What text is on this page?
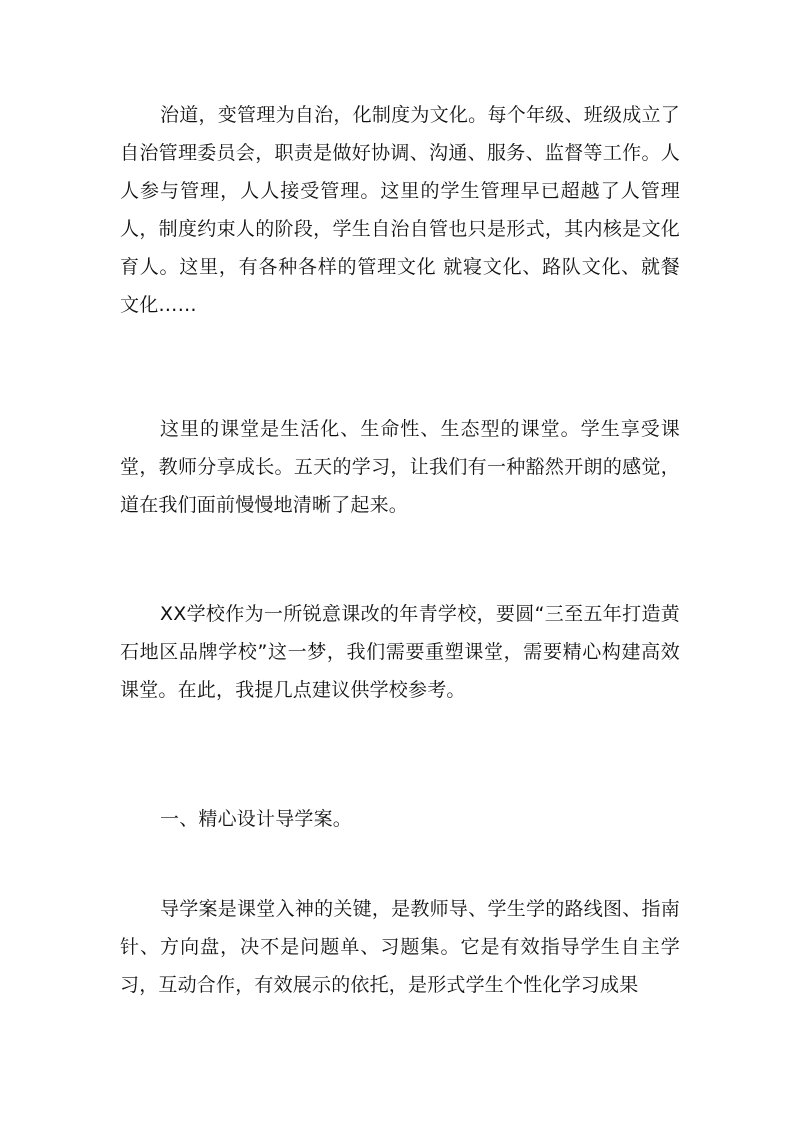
治道，变管理为自治，化制度为文化。每个年级、班级成立了自治管理委员会，职责是做好协调、沟通、服务、监督等工作。人人参与管理，人人接受管理。这里的学生管理早已超越了人管理人，制度约束人的阶段，学生自治自管也只是形式，其内核是文化育人。这里，有各种各样的管理文化 就寝文化、路队文化、就餐文化……

这里的课堂是生活化、生命性、生态型的课堂。学生享受课堂，教师分享成长。五天的学习，让我们有一种豁然开朗的感觉，道在我们面前慢慢地清晰了起来。

XX学校作为一所锐意课改的年青学校，要圆“三至五年打造黄石地区品牌学校”这一梦，我们需要重塑课堂，需要精心构建高效课堂。在此，我提几点建议供学校参考。

一、精心设计导学案。

导学案是课堂入神的关键，是教师导、学生学的路线图、指南针、方向盘，决不是问题单、习题集。它是有效指导学生自主学习，互动合作，有效展示的依托，是形式学生个性化学习成果
